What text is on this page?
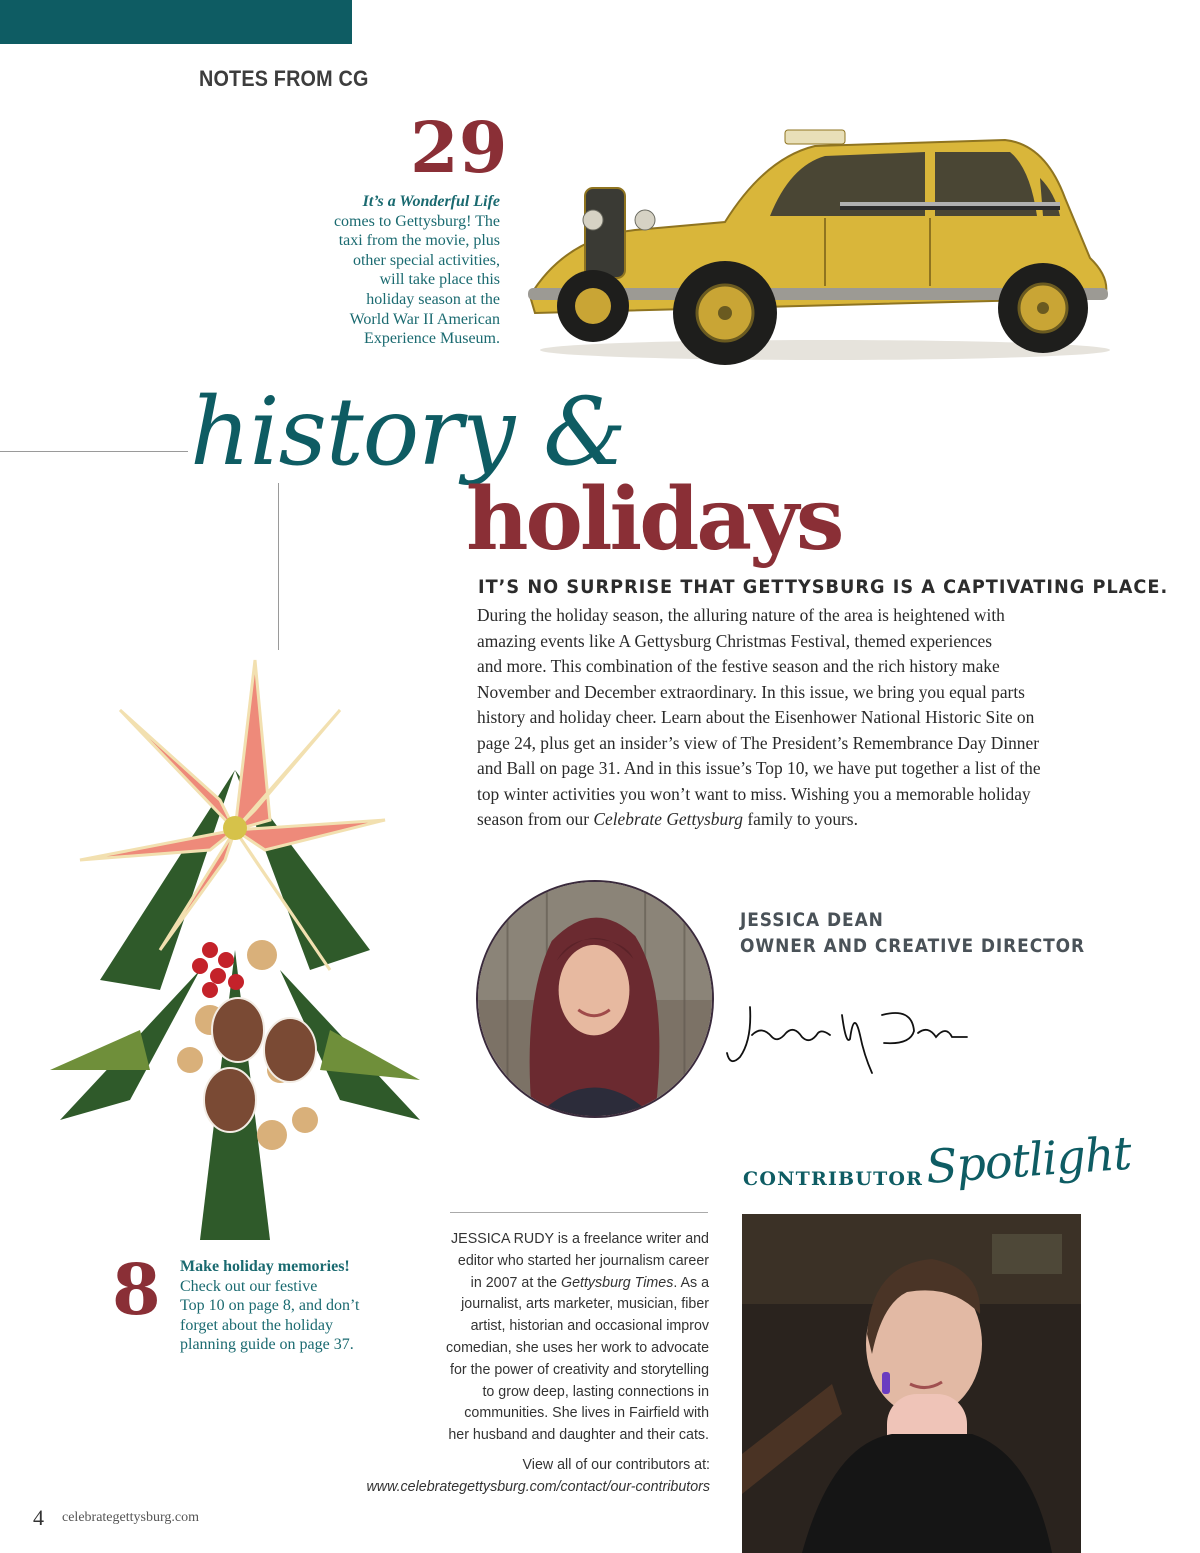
NOTES FROM CG
29
It’s a Wonderful Life
comes to Gettysburg! The
taxi from the movie, plus
other special activities,
will take place this
holiday season at the
World War II American
Experience Museum.
history &
holidays
IT’S NO SURPRISE THAT GETTYSBURG IS A CAPTIVATING PLACE.

During the holiday season, the alluring nature of the area is heightened with

amazing events like A Gettysburg Christmas Festival, themed experiences

and more. This combination of the festive season and the rich history make

November and December extraordinary. In this issue, we bring you equal parts

history and holiday cheer. Learn about the Eisenhower National Historic Site on

page 24, plus get an insider’s view of The President’s Remembrance Day Dinner

and Ball on page 31. And in this issue’s Top 10, we have put together a list of the

top winter activities you won’t want to miss. Wishing you a memorable holiday

season from our Celebrate Gettysburg family to yours.

JESSICA DEAN
OWNER AND CREATIVE DIRECTOR
8 Make holiday memories!
Check out our festive
Top 10 on page 8, and don’t
forget about the holiday
planning guide on page 37.

JESSICA RUDY is a freelance writer and

editor who started her journalism career

in 2007 at the Gettysburg Times. As a

journalist, arts marketer, musician, fiber

artist, historian and occasional improv

comedian, she uses her work to advocate

for the power of creativity and storytelling

to grow deep, lasting connections in

communities. She lives in Fairfield with

her husband and daughter and their cats.

View all of our contributors at:

www.celebrategettysburg.com/contact/our-contributors

CONTRIBUTOR Spotlight
4 celebrategettysburg.com
